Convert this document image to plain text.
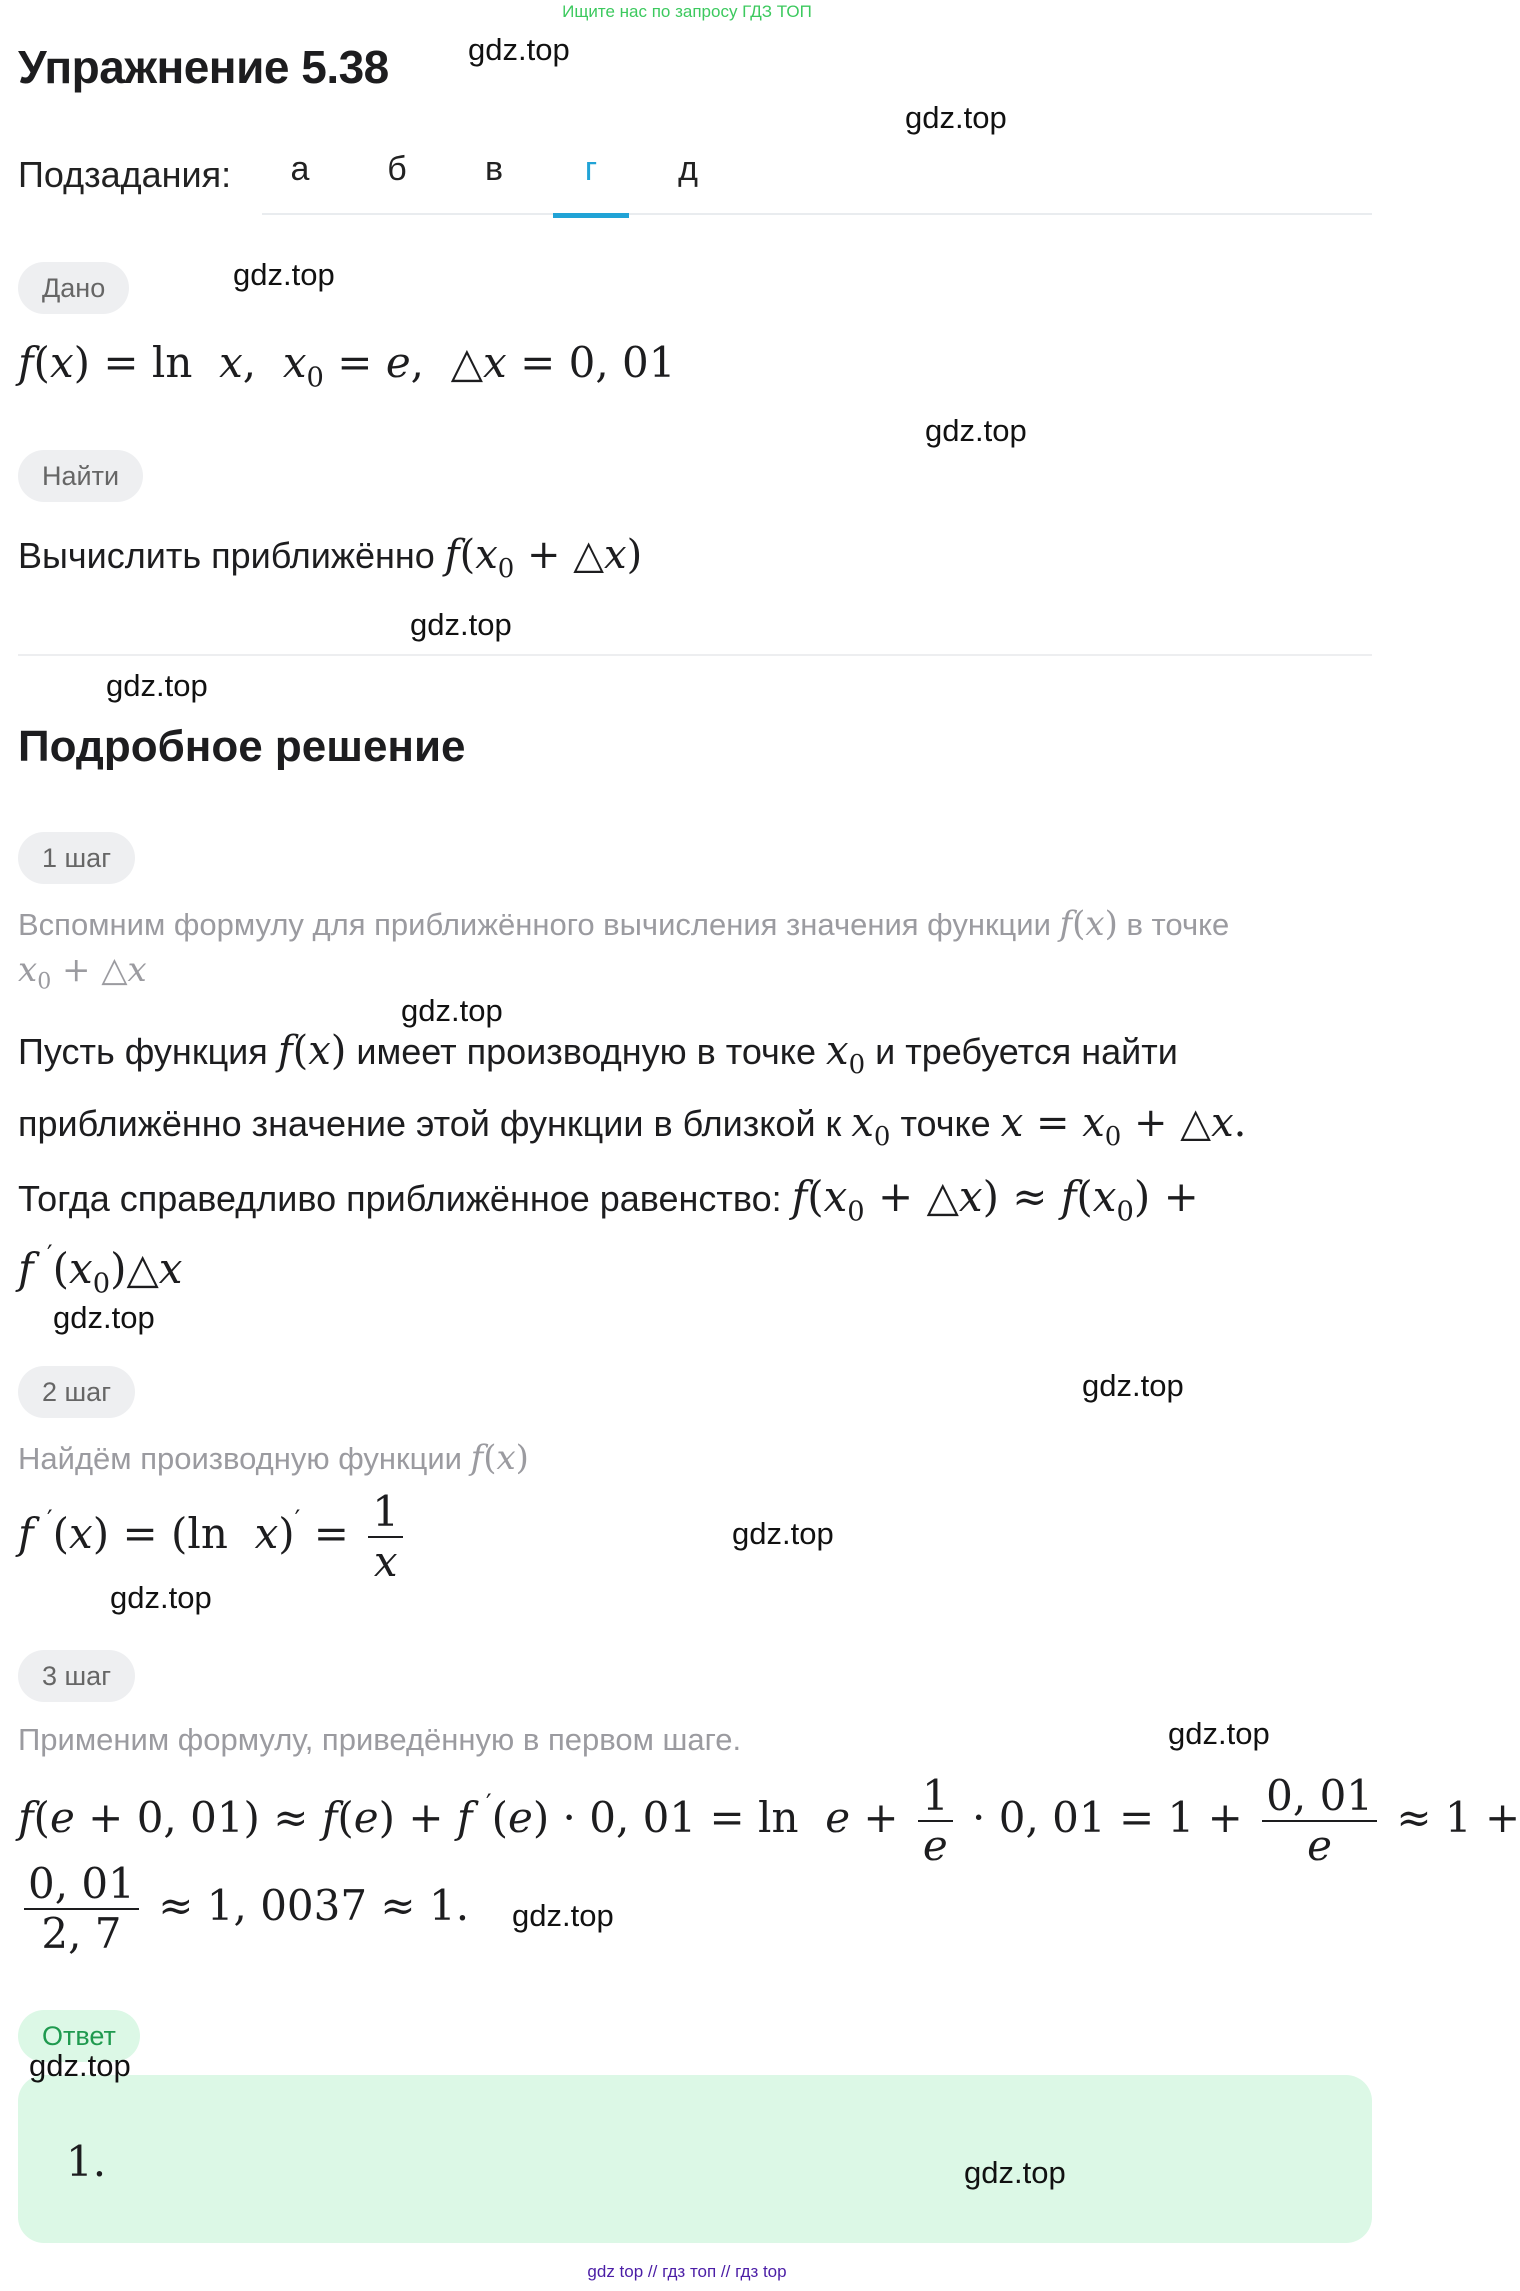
Ищите нас по запросу ГДЗ ТОП
Упражнение 5.38
Подзадания:	а	б	в	г	д
Дано
f(x) = ln  x,  $x_0 = e$,  △x = 0, 01
Найти
Вычислить приближённо $f(x_0$ + △x)
Подробное решение
1 шаг
Вспомним формулу для приближённого вычисления значения функции f(x) в точке
$x_0$ + △x
Пусть функция f(x) имеет производную в точке $x_0$ и требуется найти
приближённо значение этой функции в близкой к $x_0$ точке $x = x_0$ + △x.
Тогда справедливо приближённое равенство: $f(x_0$ + △x) ≈ $f(x_0)$ +
f $'(x_0)\triangle x$
2 шаг
Найдём производную функции f(x)
f ′(x) = (ln  $x)' = \frac{1}{x}$
3 шаг
Применим формулу, приведённую в первом шаге.
f(e + 0, 01) ≈ f(e) + f ′(e) · 0, $01 = \ln e + \frac{1}{e} \cdot 0$, $01 = 1 + \frac{0, 01}{e} \approx 1$ +
$\frac{0, 01}{2, 7} \approx 1$, 0037 ≈ 1.
Ответ
1.
gdz.top
gdz.top
gdz.top
gdz.top
gdz.top
gdz.top
gdz.top
gdz.top
gdz.top
gdz.top
gdz.top
gdz.top
gdz.top
gdz.top
gdz.top
gdz top // гдз топ // гдз top
